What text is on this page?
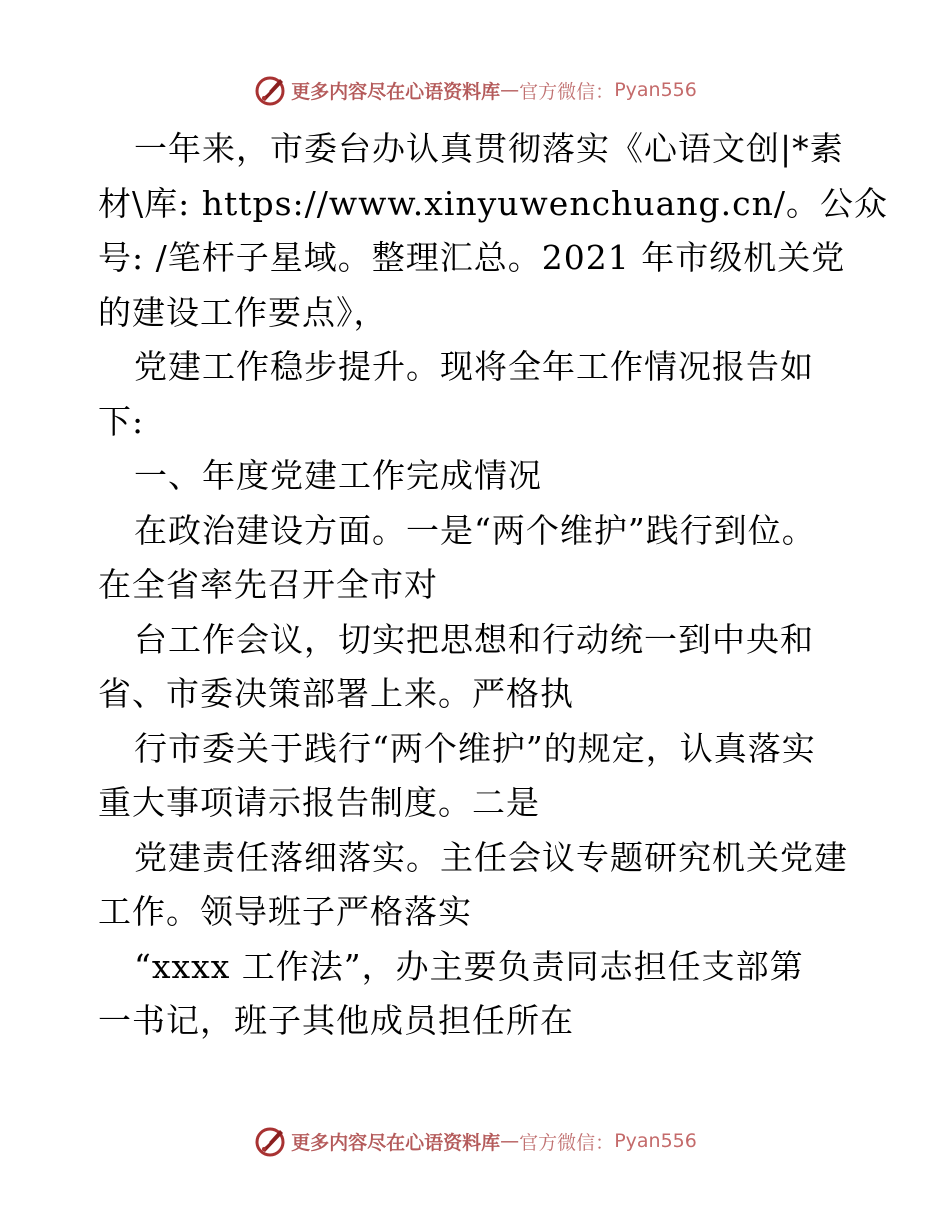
更多内容尽在心语资料库 — 官方微信： Pyan556
一年来，市委台办认真贯彻落实《心语文创|*素
材\库: https://www.xinyuwenchuang.cn/。公众
号: /笔杆子星域。整理汇总。2021 年市级机关党
的建设工作要点》，
党建工作稳步提升。现将全年工作情况报告如
下:
一、年度党建工作完成情况
在政治建设方面。一是“两个维护”践行到位。
在全省率先召开全市对
台工作会议，切实把思想和行动统一到中央和
省、市委决策部署上来。严格执
行市委关于践行“两个维护”的规定，认真落实
重大事项请示报告制度。二是
党建责任落细落实。主任会议专题研究机关党建
工作。领导班子严格落实
“xxxx 工作法”，办主要负责同志担任支部第
一书记，班子其他成员担任所在
更多内容尽在心语资料库 — 官方微信： Pyan556
